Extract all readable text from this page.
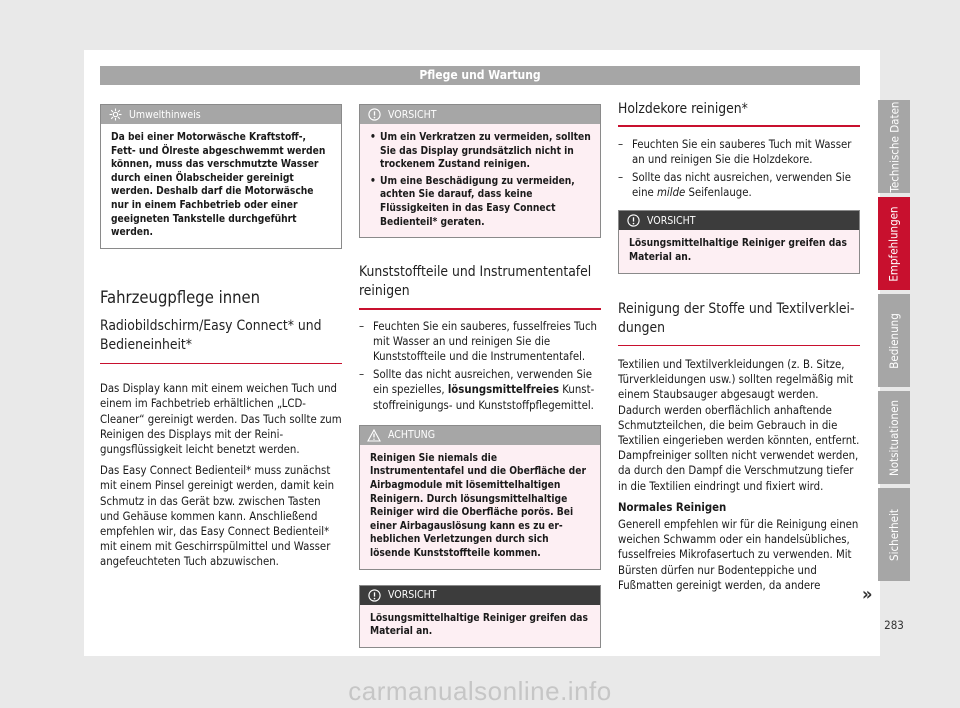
Pflege und Wartung
Umwelthinweis
Da bei einer Motorwäsche Kraftstoff-, Fett- und Ölreste abgeschwemmt werden können, muss das verschmutzte Wasser durch einen Ölabscheider gereinigt werden. Deshalb darf die Motorwäsche nur in einem Fachbetrieb oder einer geeigneten Tankstelle durchgeführt werden.
Fahrzeugpflege innen
Radiobildschirm/Easy Connect* und Bedieneinheit*

Das Display kann mit einem weichen Tuch und einem im Fachbetrieb erhältlichen „LCD-Cleaner“ gereinigt werden. Das Tuch sollte zum Reinigen des Displays mit der Reinigungsflüssigkeit leicht benetzt werden.

Das Easy Connect Bedienteil* muss zunächst mit einem Pinsel gereinigt werden, damit kein Schmutz in das Gerät bzw. zwischen Tasten und Gehäuse kommen kann. Anschließend empfehlen wir, das Easy Connect Bedienteil* mit einem mit Geschirrspülmittel und Wasser angefeuchteten Tuch abzuwischen.

VORSICHT
• Um ein Verkratzen zu vermeiden, sollten Sie das Display grundsätzlich nicht in trockenem Zustand reinigen.
• Um eine Beschädigung zu vermeiden, achten Sie darauf, dass keine Flüssigkeiten in das Easy Connect Bedienteil* geraten.
Kunststoffteile und Instrumententafel reinigen
– Feuchten Sie ein sauberes, fusselfreies Tuch mit Wasser an und reinigen Sie die Kunststoffteile und die Instrumententafel.
– Sollte das nicht ausreichen, verwenden Sie ein spezielles, lösungsmittelfreies Kunststoffreinigungs- und Kunststoffpflegemittel.
ACHTUNG
Reinigen Sie niemals die Instrumententafel und die Oberfläche der Airbagmodule mit lösemittelhaltigen Reinigern. Durch lösungsmittelhaltige Reiniger wird die Oberfläche porös. Bei einer Airbagauslösung kann es zu erheblichen Verletzungen durch sich lösende Kunststoffteile kommen.
VORSICHT
Lösungsmittelhaltige Reiniger greifen das Material an.
Holzdekore reinigen*
– Feuchten Sie ein sauberes Tuch mit Wasser an und reinigen Sie die Holzdekore.
– Sollte das nicht ausreichen, verwenden Sie eine milde Seifenlauge.
VORSICHT
Lösungsmittelhaltige Reiniger greifen das Material an.
Reinigung der Stoffe und Textilverkleidungen

Textilien und Textilverkleidungen (z. B. Sitze, Türverkleidungen usw.) sollten regelmäßig mit einem Staubsauger abgesaugt werden. Dadurch werden oberflächlich anhaftende Schmutzteilchen, die beim Gebrauch in die Textilien eingerieben werden könnten, entfernt. Dampfreiniger sollten nicht verwendet werden, da durch den Dampf die Verschmutzung tiefer in die Textilien eindringt und fixiert wird.

Normales Reinigen

Generell empfehlen wir für die Reinigung einen weichen Schwamm oder ein handelsübliches, fusselfreies Mikrofasertuch zu verwenden. Mit Bürsten dürfen nur Bodenteppiche und Fußmatten gereinigt werden, da andere	»
Technische Daten
Empfehlungen
Bedienung
Notsituationen
Sicherheit
283
carmanualsonline.info
